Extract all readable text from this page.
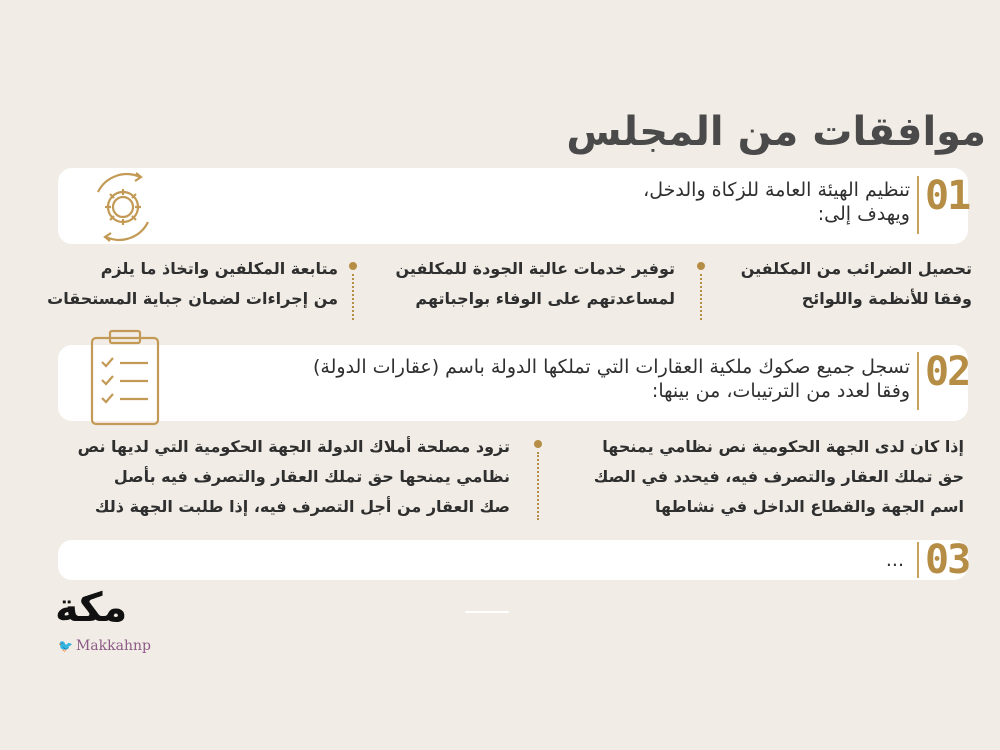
موافقات من المجلس
01
تنظيم الهيئة العامة للزكاة والدخل،
ويهدف إلى:
تحصيل الضرائب من المكلفين
وفقا للأنظمة واللوائح
توفير خدمات عالية الجودة للمكلفين
لمساعدتهم على الوفاء بواجباتهم
متابعة المكلفين واتخاذ ما يلزم
من إجراءات لضمان جباية المستحقات
02
تسجل جميع صكوك ملكية العقارات التي تملكها الدولة باسم (عقارات الدولة)
وفقا لعدد من الترتيبات، من بينها:
إذا كان لدى الجهة الحكومية نص نظامي يمنحها
حق تملك العقار والتصرف فيه، فيحدد في الصك
اسم الجهة والقطاع الداخل في نشاطها
تزود مصلحة أملاك الدولة الجهة الحكومية التي لديها نص
نظامي يمنحها حق تملك العقار والتصرف فيه بأصل
صك العقار من أجل التصرف فيه، إذا طلبت الجهة ذلك
03
...
مكة
🐦 Makkahnp
